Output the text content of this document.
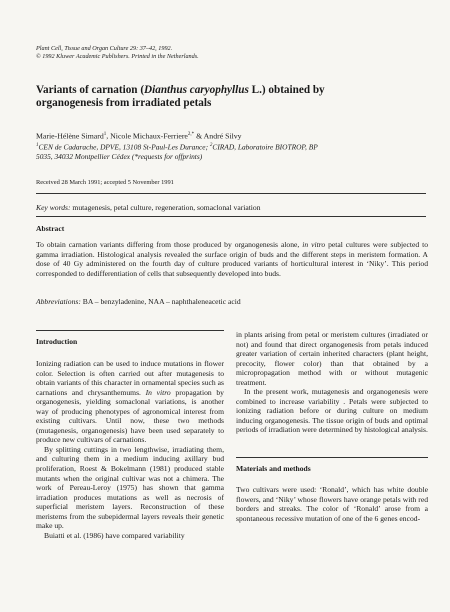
Plant Cell, Tissue and Organ Culture 29: 37–42, 1992.
© 1992 Kluwer Academic Publishers. Printed in the Netherlands.
Variants of carnation (Dianthus caryophyllus L.) obtained by
organogenesis from irradiated petals
Marie-Hélène Simard$^1$, Nicole Michaux-Ferriere$^{2,*}$ & André Silvy
$^1$CEN de Cadarache, DPVE, 13108 St-Paul-Les Durance; $^2$CIRAD, Laboratoire BIOTROP, BP
5035, 34032 Montpellier Cédex (*requests for offprints)
Received 28 March 1991; accepted 5 November 1991
Key words: mutagenesis, petal culture, regeneration, somaclonal variation
Abstract
To obtain carnation variants differing from those produced by organogenesis alone, in vitro petal cultures were subjected to gamma irradiation. Histological analysis revealed the surface origin of buds and the different steps in meristem formation. A dose of 40 Gy administered on the fourth day of culture produced variants of horticultural interest in ‘Niky’. This period corresponded to dedifferentiation of cells that subsequently developed into buds.
Abbreviations: BA – benzyladenine, NAA – naphthaleneacetic acid
Introduction

Ionizing radiation can be used to induce mutations in flower color. Selection is often carried out after mutagenesis to obtain variants of this character in ornamental species such as carnations and chrysanthemums. In vitro propagation by organogenesis, yielding somaclonal variations, is another way of producing phenotypes of agronomical interest from existing cultivars. Until now, these two methods (mutagenesis, organogenesis) have been used separately to produce new cultivars of carnations.

By splitting cuttings in two lengthwise, irradiating them, and culturing them in a medium inducing axillary bud proliferation, Roest & Bokelmann (1981) produced stable mutants when the original cultivar was not a chimera. The work of Pereau-Leroy (1975) has shown that gamma irradiation produces mutations as well as necrosis of superficial meristem layers. Reconstruction of these meristems from the subepidermal layers reveals their genetic make up.

Buiatti et al. (1986) have compared variability

in plants arising from petal or meristem cultures (irradiated or not) and found that direct organogenesis from petals induced greater variation of certain inherited characters (plant height, precocity, flower color) than that obtained by a micropropagation method with or without mutagenic treatment.

In the present work, mutagenesis and organogenesis were combined to increase variability . Petals were subjected to ionizing radiation before or during culture on medium inducing organogenesis. The tissue origin of buds and optimal periods of irradiation were determined by histological analysis.

Materials and methods

Two cultivars were used: ‘Ronald’, which has white double flowers, and ‘Niky’ whose flowers have orange petals with red borders and streaks. The color of ‘Ronald’ arose from a spontaneous recessive mutation of one of the 6 genes encod-
